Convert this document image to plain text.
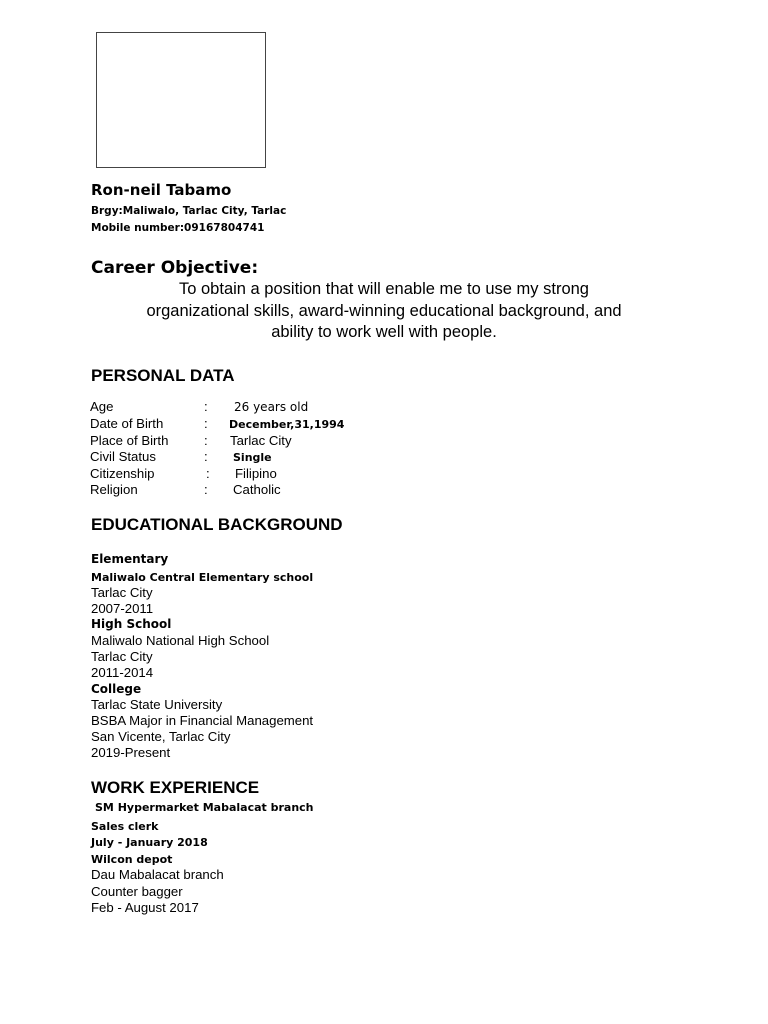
Ron-neil Tabamo
Brgy:Maliwalo, Tarlac City, Tarlac
Mobile number:09167804741
Career Objective:
To obtain a position that will enable me to use my strong
organizational skills, award-winning educational background, and
ability to work well with people.
PERSONAL DATA
Age	: 26 years old
Date of Birth	: December,31,1994
Place of Birth	: Tarlac City
Civil Status	: Single
Citizenship	: Filipino
Religion	: Catholic
EDUCATIONAL BACKGROUND
Elementary
Maliwalo Central Elementary school
Tarlac City
2007-2011
High School
Maliwalo National High School
Tarlac City
2011-2014
College
Tarlac State University
BSBA Major in Financial Management
San Vicente, Tarlac City
2019-Present
WORK EXPERIENCE
SM Hypermarket Mabalacat branch
Sales clerk
July - January 2018
Wilcon depot
Dau Mabalacat branch
Counter bagger
Feb - August 2017
